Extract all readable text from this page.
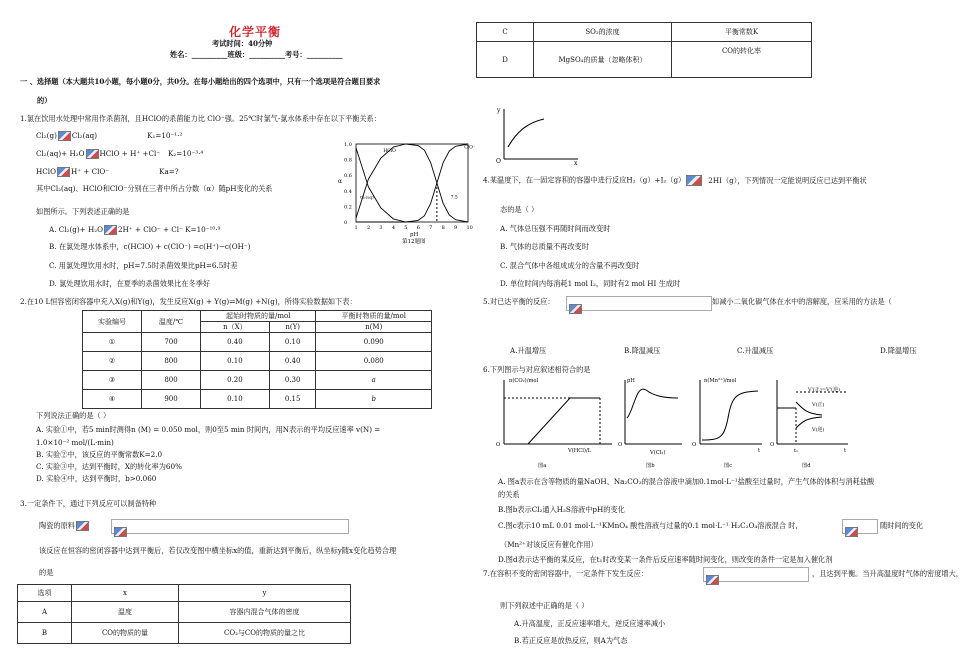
化学平衡
考试时间：40分钟
姓名：__________班级：__________考号：__________
一 、选择题（本大题共10小题，每小题0分，共0分。在每小题给出的四个选项中，只有一个选项是符合题目要求
的）
1.氯在饮用水处理中常用作杀菌剂，且HClO的杀菌能力比 ClO⁻强。25℃时氯气-氯水体系中存在以下平衡关系：
Cl₂(g) Cl₂(aq)	K₁=10⁻¹·²
Cl₂(aq)+ H₂O HClO + H⁺ +Cl⁻ K₂=10⁻³·⁴
HClO H⁺ + ClO⁻	Ka=?
其中Cl₂(aq)、HClO和ClO⁻分别在三者中所占分数（α）随pH变化的关系
如图所示。下列表述正确的是
A. Cl₂(g)+ H₂O 2H⁺ + ClO⁻ + Cl⁻ K=10⁻¹⁰·⁹
B. 在氯处理水体系中，c(HClO) + c(ClO⁻) =c(H⁺)−c(OH⁻)
C. 用氯处理饮用水时，pH=7.5时杀菌效果比pH=6.5时差
D. 氯处理饮用水时，在夏季的杀菌效果比在冬季好
1 2 3 4 5 6 7 8 9 10
0
0.2
0.4
0.6
0.8
1.0
pH
α
第12题图
HClO
ClO⁻
Cl₂(aq)	7.5
2.在10 L恒容密闭容器中充入X(g)和Y(g)，发生反应X(g) + Y(g)⇌M(g) +N(g)，所得实验数据如下表：
实验编号	温度/℃	起始时物质的量/mol		平衡时物质的量/mol
		n（X）	n(Y)	n(M)
①	700	0.40	0.10	0.090
②	800	0.10	0.40	0.080
③	800	0.20	0.30	a
④	900	0.10	0.15	b
下列说法正确的是（ ）
A. 实验①中，若5 min时测得n (M) = 0.050 mol，则0至5 min 时间内，用N表示的平均反应速率 v(N) =
1.0×10⁻² mol/(L·min)
B. 实验②中，该反应的平衡常数K=2.0
C. 实验③中，达到平衡时，X的转化率为60%
D. 实验④中，达到平衡时，b>0.060
3.一定条件下，通过下列反应可以制备特种
陶瓷的原料
该反应在恒容的密闭容器中达到平衡后，若仅改变图中横坐标x的值，重新达到平衡后，纵坐标y随x变化趋势合理
的是
选项	x	y
A	温度	容器内混合气体的密度
B	CO的物质的量	CO₂与CO的物质的量之比
C	SO₂的浓度	平衡常数K
D	MgSO₄的质量（忽略体积）	CO的转化率
y
x
O
4.某温度下，在一固定容积的容器中进行反应H₂（g）+I₂（g）	2HI（g），下列情况一定能说明反应已达到平衡状
态的是（ ）
A. 气体总压强不再随时间而改变时
B. 气体的总质量不再改变时
C. 混合气体中各组成成分的含量不再改变时
D. 单位时间内每消耗1 mol I₂，同时有2 mol HI 生成时
5.对已达平衡的反应：	如减小二氧化碳气体在水中的溶解度，应采用的方法是（
A.升温增压	B.降温减压	C.升温减压	D.降温增压
6.下列图示与对应叙述相符合的是
n(CO₂)/mol
V(HCl)/L
O
图a
pH
V(Cl₂)
O
图b
n(Mn²⁺)/mol
t
O
图c
V'(正)=V'(逆)
V(正)
V(逆)
t₁	t
O
图d
A. 图a表示在含等物质的量NaOH、Na₂CO₃的混合溶液中滴加0.1mol·L⁻¹盐酸至过量时，产生气体的体积与消耗盐酸
的关系
B.图b表示Cl₂通入H₂S溶液中pH的变化
C.图c表示10 mL 0.01 mol·L⁻¹KMnO₄ 酸性溶液与过量的0.1 mol·L⁻¹ H₂C₂O₄溶液混合 时，	随时间的变化
（Mn²⁺对该反应有催化作用）
D.图d表示达平衡的某反应，在t₁时改变某一条件后反应速率随时间变化，则改变的条件一定是加入催化剂
7.在容积不变的密闭容器中，一定条件下发生反应：	，且达到平衡。当升高温度时气体的密度增大，
则下列叙述中正确的是（ ）
A.升高温度，正反应速率增大，逆反应速率减小
B.若正反应是放热反应，则A为气态
